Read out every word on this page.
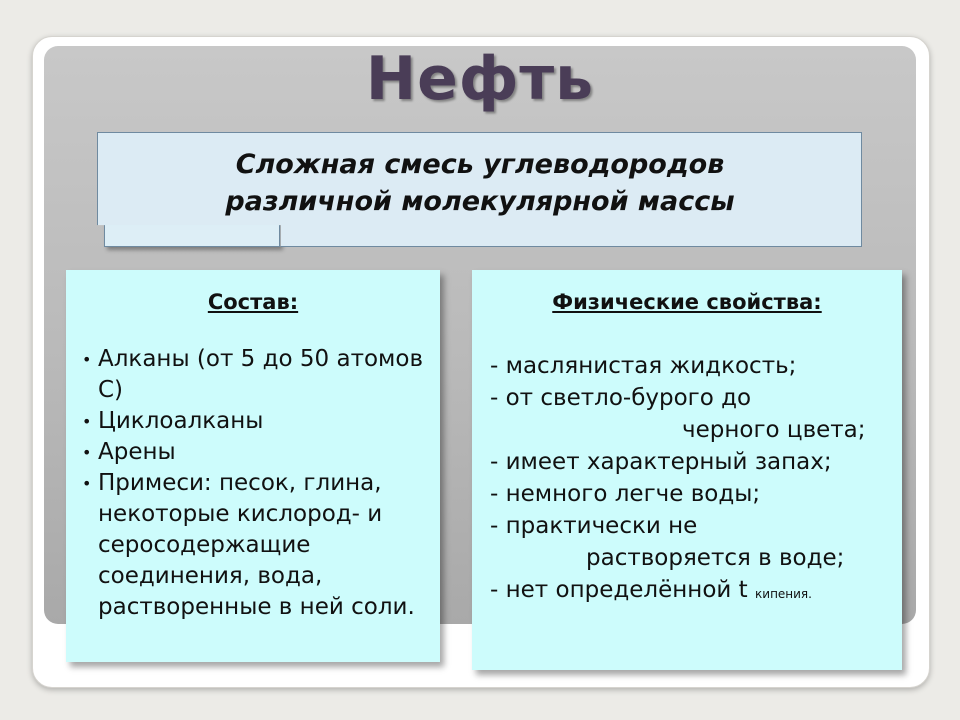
Нефть
Сложная смесь углеводородов
различной молекулярной массы
Состав:
• Алканы (от 5 до 50 атомов С)
• Циклоалканы
• Арены
• Примеси: песок, глина, некоторые кислород- и серосодержащие соединения, вода, растворенные в ней соли.
Физические свойства:
- маслянистая жидкость;
- от светло-бурого до
черного цвета;
- имеет характерный запах;
- немного легче воды;
- практически не
растворяется в воде;
- нет определённой t кипения.
